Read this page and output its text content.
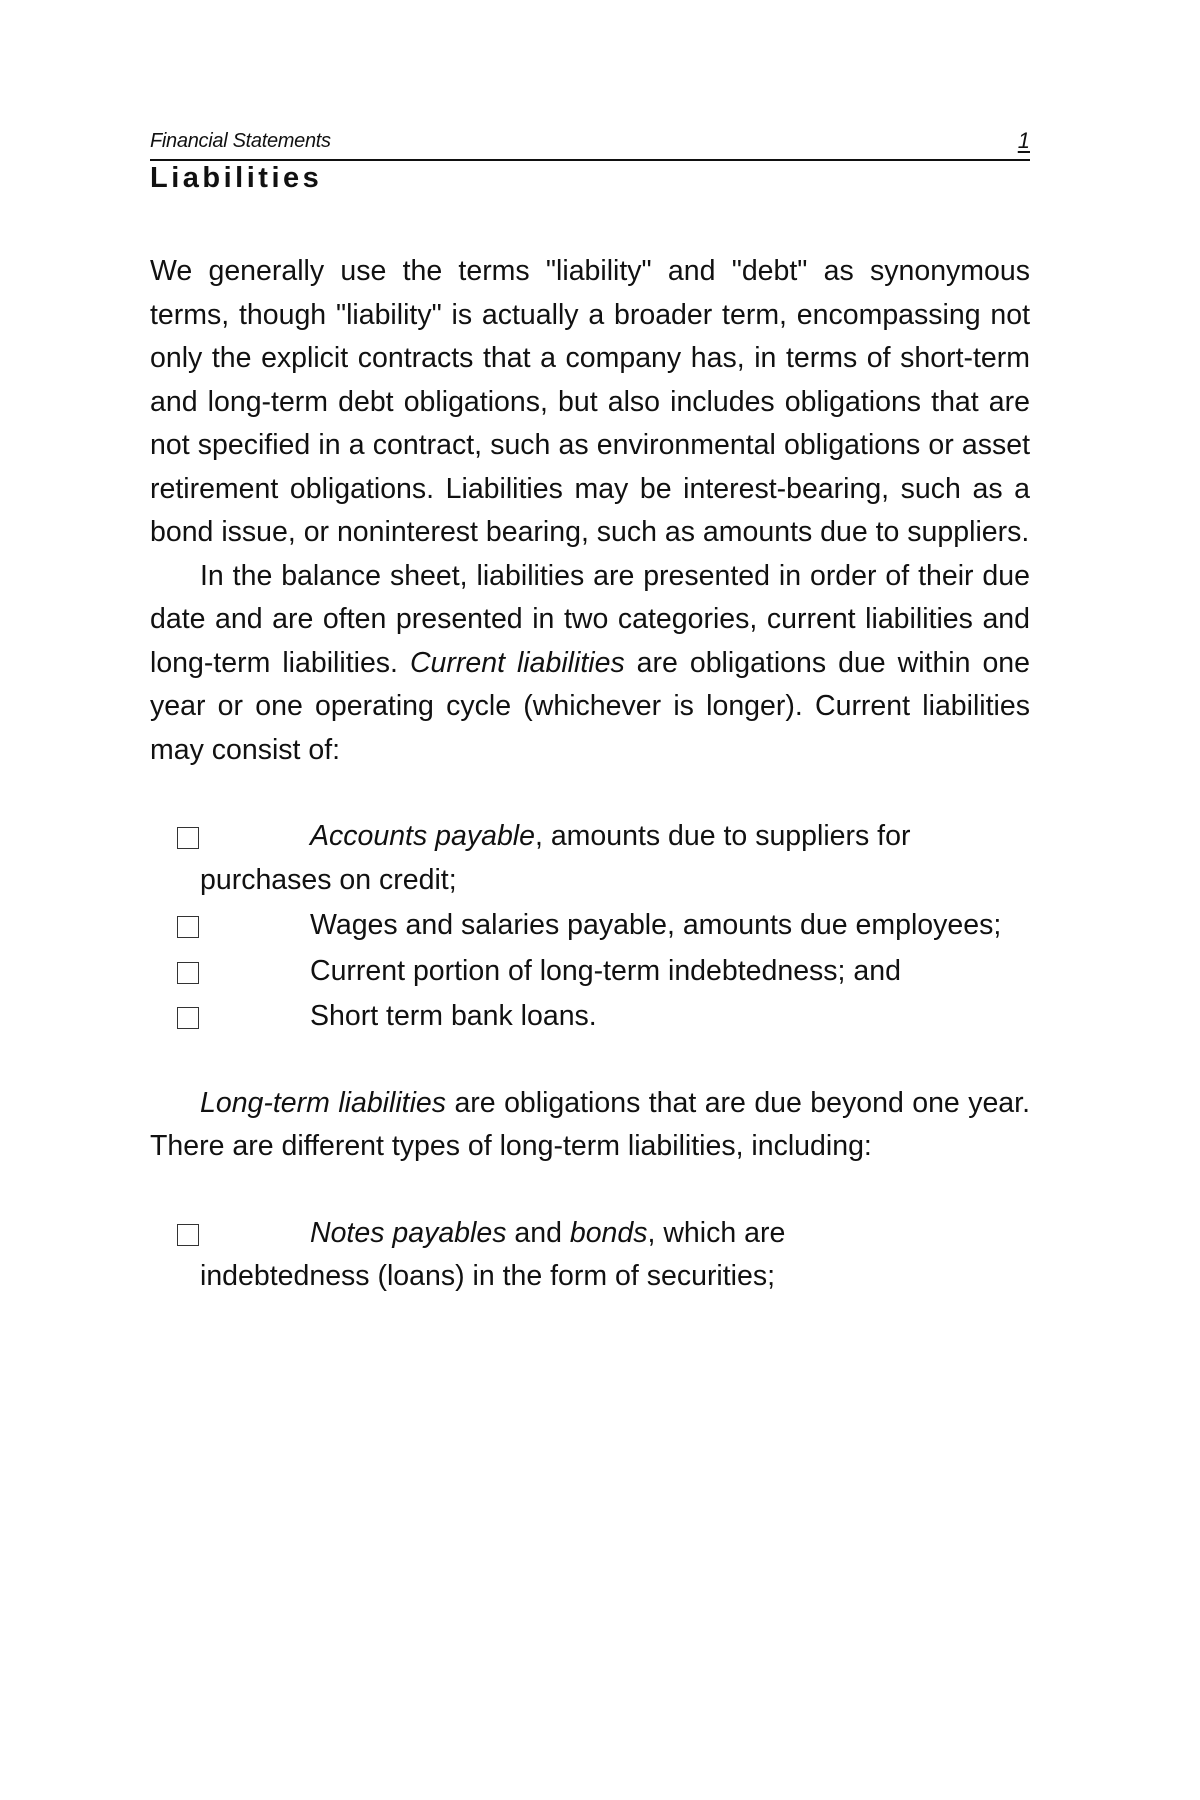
Financial Statements	1
Liabilities

We generally use the terms "liability" and "debt" as synonymous terms, though "liability" is actually a broader term, encompassing not only the explicit contracts that a company has, in terms of short-term and long-term debt obligations, but also includes obligations that are not specified in a contract, such as environmental obligations or asset retirement obligations. Liabilities may be interest-bearing, such as a bond issue, or noninterest bearing, such as amounts due to suppliers.

In the balance sheet, liabilities are presented in order of their due date and are often presented in two categories, current liabilities and long-term liabilities. Current liabilities are obligations due within one year or one operating cycle (whichever is longer). Current liabilities may consist of:

Accounts payable, amounts due to suppliers for
purchases on credit;
Wages and salaries payable, amounts due employees;
Current portion of long-term indebtedness; and
Short term bank loans.

Long-term liabilities are obligations that are due beyond one year. There are different types of long-term liabilities, including:

Notes payables and bonds, which are
indebtedness (loans) in the form of securities;
